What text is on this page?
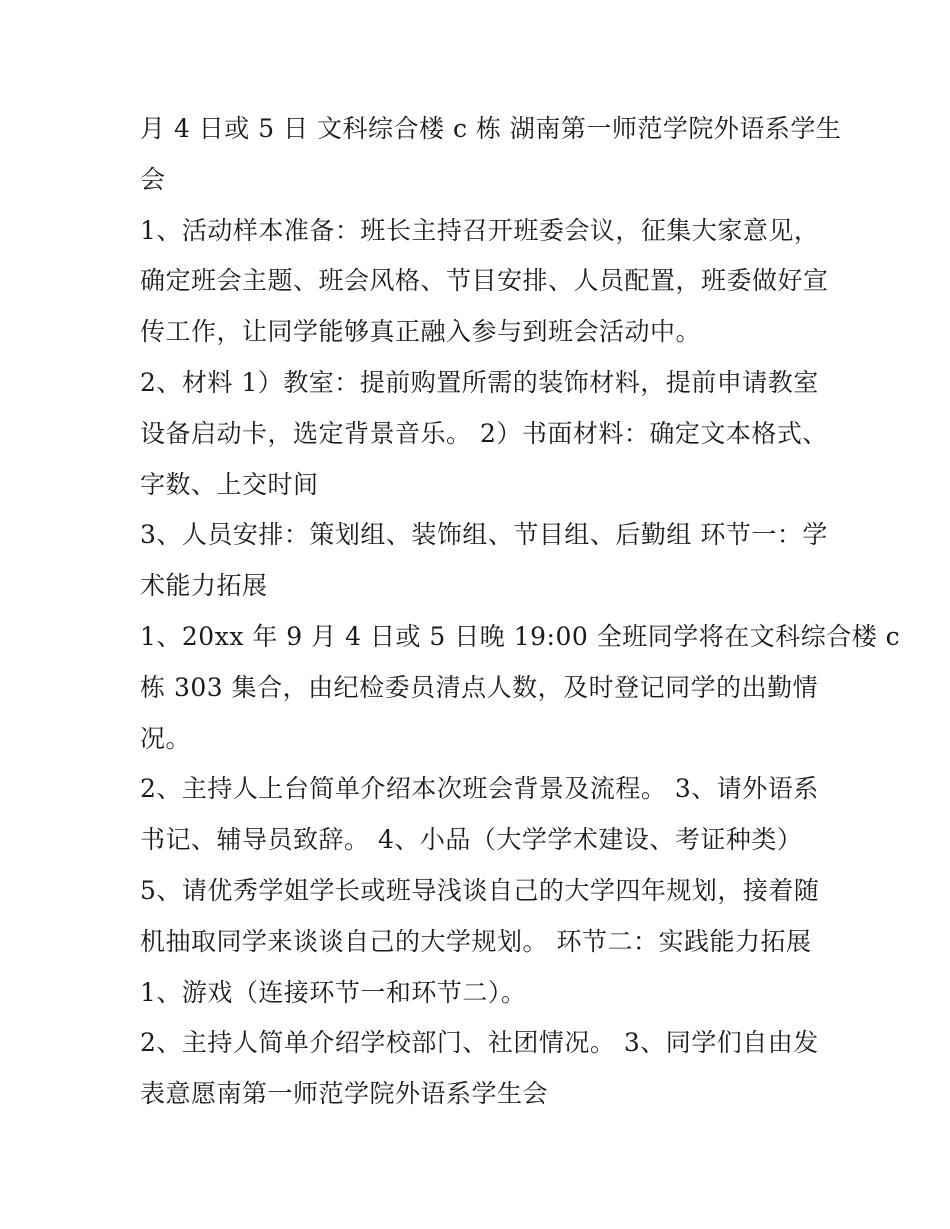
月 4 日或 5 日 文科综合楼 c 栋 湖南第一师范学院外语系学生
会
1、活动样本准备：班长主持召开班委会议，征集大家意见，
确定班会主题、班会风格、节目安排、人员配置，班委做好宣
传工作，让同学能够真正融入参与到班会活动中。
2、材料 1）教室：提前购置所需的装饰材料，提前申请教室
设备启动卡，选定背景音乐。 2）书面材料：确定文本格式、
字数、上交时间
3、人员安排：策划组、装饰组、节目组、后勤组 环节一：学
术能力拓展
1、20xx 年 9 月 4 日或 5 日晚 19:00 全班同学将在文科综合楼 c
栋 303 集合，由纪检委员清点人数，及时登记同学的出勤情
况。
2、主持人上台简单介绍本次班会背景及流程。 3、请外语系
书记、辅导员致辞。 4、小品（大学学术建设、考证种类）
5、请优秀学姐学长或班导浅谈自己的大学四年规划，接着随
机抽取同学来谈谈自己的大学规划。 环节二：实践能力拓展
1、游戏（连接环节一和环节二）。
2、主持人简单介绍学校部门、社团情况。 3、同学们自由发
表意愿南第一师范学院外语系学生会
